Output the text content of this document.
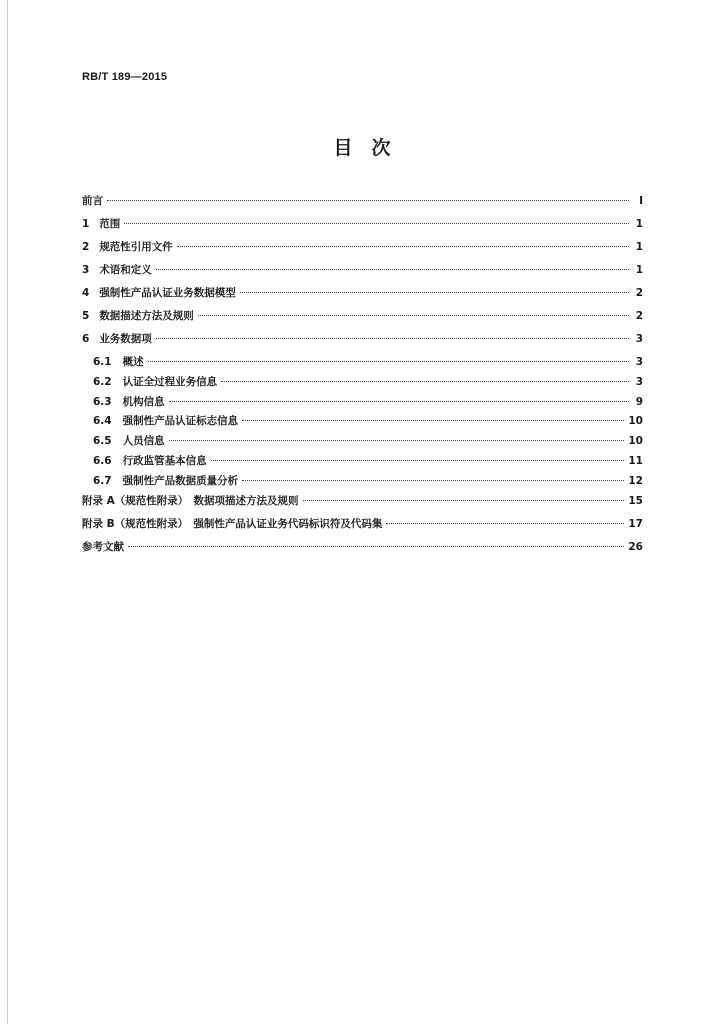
RB/T 189—2015
目　次
前言	Ⅰ
1 范围	1
2 规范性引用文件	1
3 术语和定义	1
4 强制性产品认证业务数据模型	2
5 数据描述方法及规则	2
6 业务数据项	3
6.1 概述	3
6.2 认证全过程业务信息	3
6.3 机构信息	9
6.4 强制性产品认证标志信息	10
6.5 人员信息	10
6.6 行政监管基本信息	11
6.7 强制性产品数据质量分析	12
附录 A（规范性附录）　数据项描述方法及规则	15
附录 B（规范性附录）　强制性产品认证业务代码标识符及代码集	17
参考文献	26
